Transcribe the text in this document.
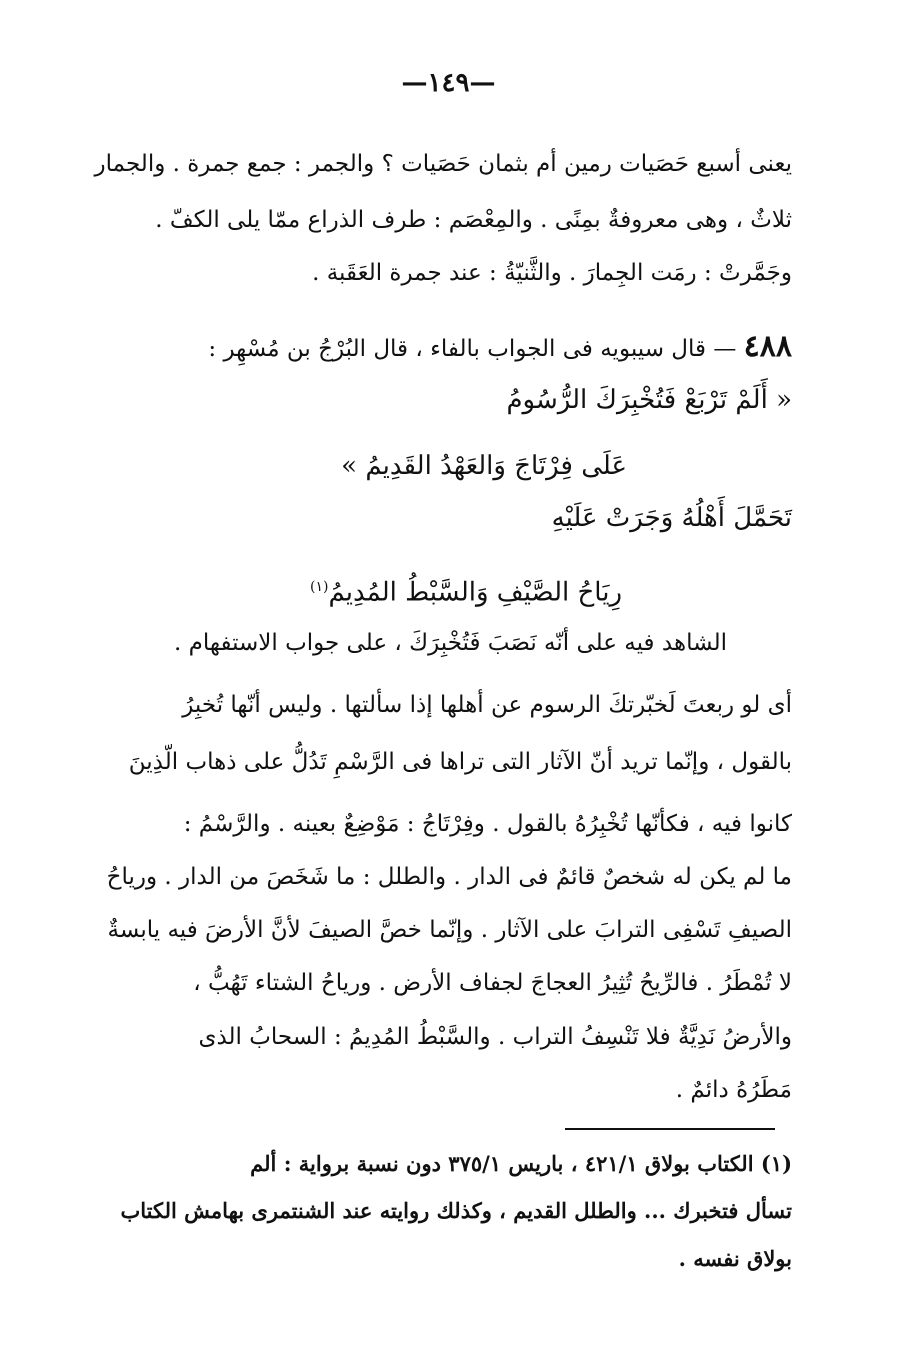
—١٤٩—
يعنى أسبع حَصَيات رمين أم بثمان حَصَيات ؟ والجمر : جمع جمرة . والجمار
ثلاثٌ ، وهى معروفةٌ بمِنًى . والمِعْصَم : طرف الذراع ممّا يلى الكفّ .
وجَمَّرتْ : رمَت الجِمارَ . والثَّنيّةُ : عند جمرة العَقَبة .
٤٨٨ — قال سيبويه فى الجواب بالفاء ، قال البُرْجُ بن مُسْهِر :
« أَلَمْ تَرْبَعْ فَتُخْبِرَكَ الرُّسُومُ
عَلَى فِرْتَاجَ وَالعَهْدُ القَدِيمُ »
تَحَمَّلَ أَهْلُهُ وَجَرَتْ عَلَيْهِ
رِيَاحُ الصَّيْفِ وَالسَّبْطُ المُدِيمُ$^{(١)}$
الشاهد فيه على أنّه نَصَبَ فَتُخْبِرَكَ ، على جواب الاستفهام .
أى لو ربعتَ لَخبّرتكَ الرسوم عن أهلها إذا سألتها . وليس أنّها تُخبِرُ
بالقول ، وإنّما تريد أنّ الآثار التى تراها فى الرَّسْمِ تَدُلُّ على ذهاب الّذِينَ
كانوا فيه ، فكأنّها تُخْبِرُهُ بالقول . وفِرْتَاجُ : مَوْضِعٌ بعينه . والرَّسْمُ :
ما لم يكن له شخصٌ قائمٌ فى الدار . والطلل : ما شَخَصَ من الدار . ورياحُ
الصيفِ تَسْفِى الترابَ على الآثار . وإنّما خصَّ الصيفَ لأنَّ الأرضَ فيه يابسةٌ
لا تُمْطَرُ . فالرِّيحُ تُثِيرُ العجاجَ لجفاف الأرض . ورياحُ الشتاء تَهُبُّ ،
والأرضُ نَدِيَّةٌ فلا تَنْسِفُ التراب . والسَّبْطُ المُدِيمُ : السحابُ الذى
مَطَرُهُ دائمٌ .
(١) الكتاب بولاق ٤٢١/١ ، باريس ٣٧٥/١ دون نسبة برواية : ألم
تسأل فتخبرك ... والطلل القديم ، وكذلك روايته عند الشنتمرى بهامش الكتاب
بولاق نفسه .
